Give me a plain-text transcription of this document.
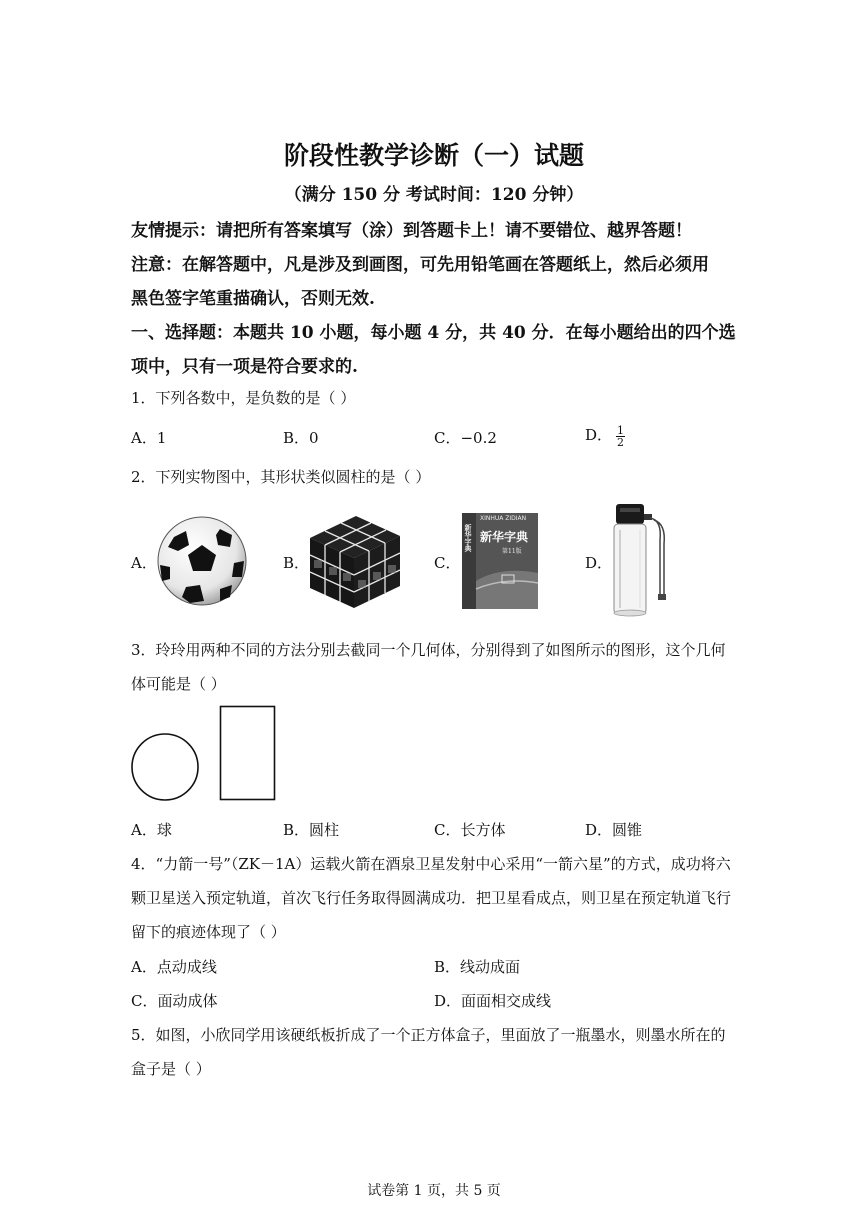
阶段性教学诊断（一）试题
（满分 150 分 考试时间：120 分钟）
友情提示：请把所有答案填写（涂）到答题卡上！请不要错位、越界答题！
注意：在解答题中，凡是涉及到画图，可先用铅笔画在答题纸上，然后必须用
黑色签字笔重描确认，否则无效.
一、选择题：本题共 10 小题，每小题 4 分，共 40 分．在每小题给出的四个选
项中，只有一项是符合要求的.
1．下列各数中，是负数的是（ ）
A．1	B．0	C．−0.2	D． $\frac{1}{2}$
2．下列实物图中，其形状类似圆柱的是（ ）
A．	B．	C．	D．
XINHUA ZIDIAN
新华字典
第11版
新华字典
3．玲玲用两种不同的方法分别去截同一个几何体，分别得到了如图所示的图形，这个几何
体可能是（ ）
A．球	B．圆柱	C．长方体	D．圆锥
4．“力箭一号”（ZK－1A）运载火箭在酒泉卫星发射中心采用“一箭六星”的方式，成功将六
颗卫星送入预定轨道，首次飞行任务取得圆满成功．把卫星看成点，则卫星在预定轨道飞行
留下的痕迹体现了（ ）
A．点动成线	B．线动成面
C．面动成体	D．面面相交成线
5．如图，小欣同学用该硬纸板折成了一个正方体盒子，里面放了一瓶墨水，则墨水所在的
盒子是（ ）
试卷第 1 页，共 5 页
